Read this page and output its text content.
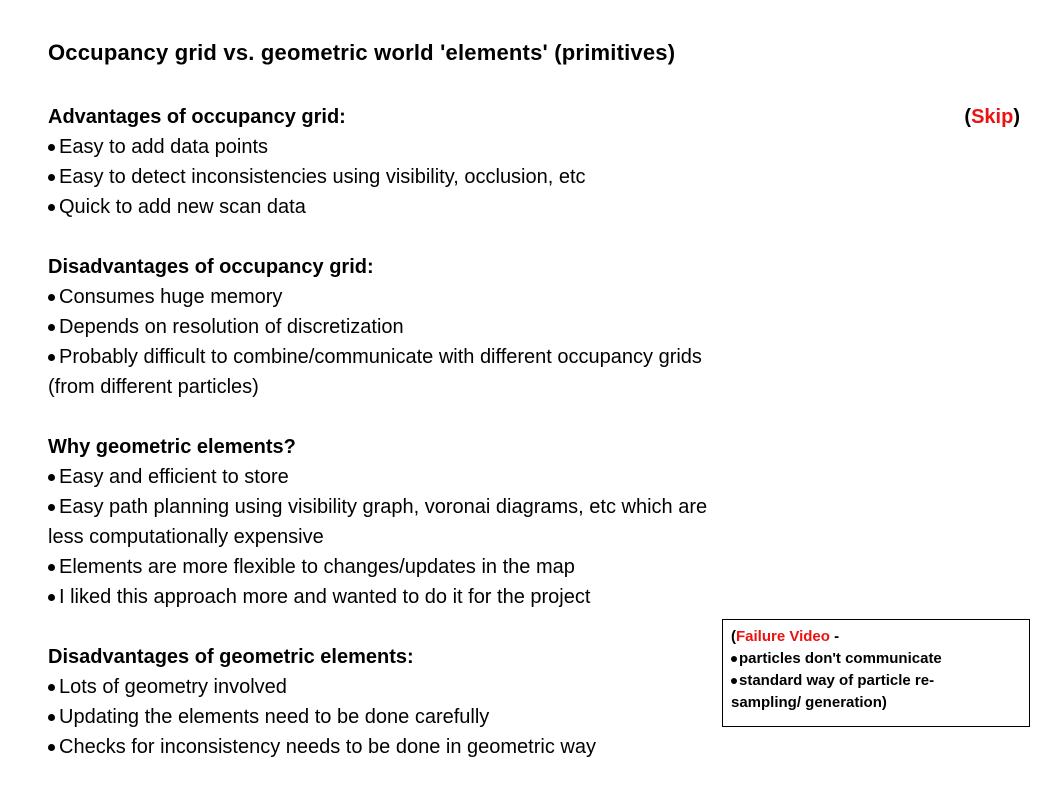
Occupancy grid vs. geometric world 'elements' (primitives)
(Skip)
Advantages of occupancy grid:
Easy to add data points
Easy to detect inconsistencies using visibility, occlusion, etc
Quick to add new scan data
Disadvantages of occupancy grid:
Consumes huge memory
Depends on resolution of discretization
Probably difficult to combine/communicate with different occupancy grids
(from different particles)
Why geometric elements?
Easy and efficient to store
Easy path planning using visibility graph, voronai diagrams, etc which are
less computationally expensive
Elements are more flexible to changes/updates in the map
I liked this approach more and wanted to do it for the project
Disadvantages of geometric elements:
Lots of geometry involved
Updating the elements need to be done carefully
Checks for inconsistency needs to be done in geometric way
(Failure Video -
particles don't communicate
standard way of particle re-
sampling/ generation)
